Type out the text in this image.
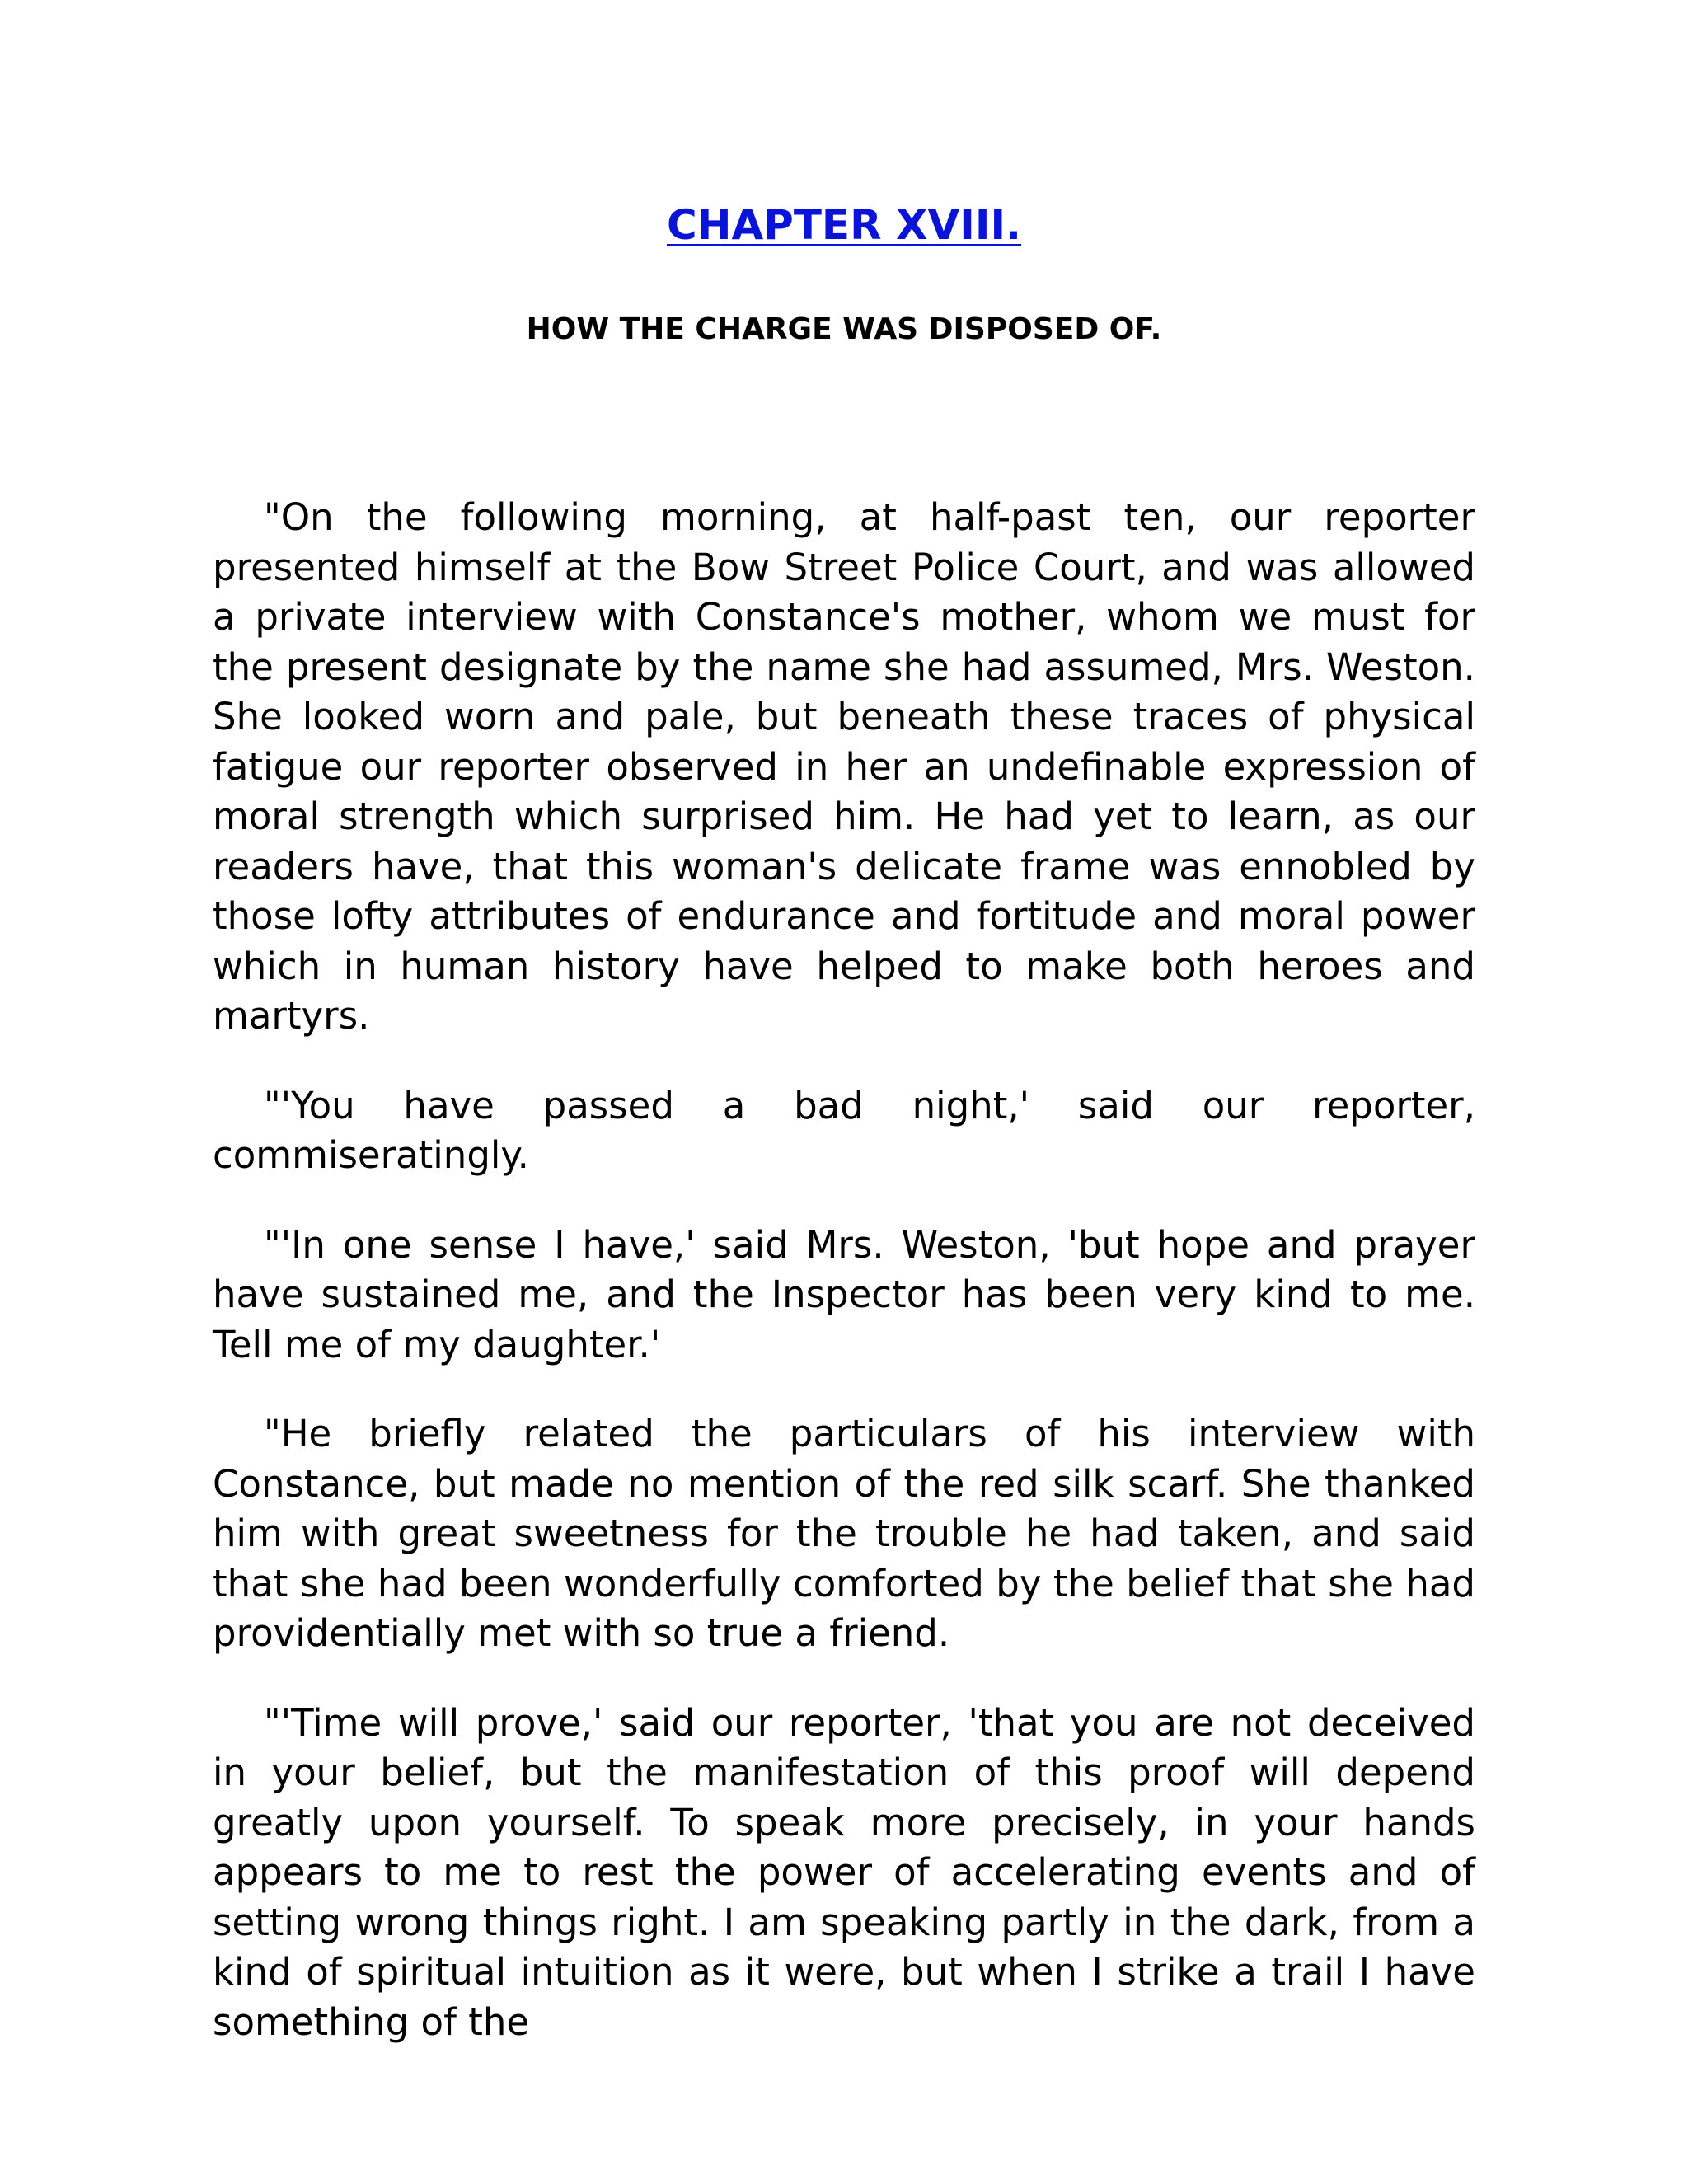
CHAPTER XVIII.
HOW THE CHARGE WAS DISPOSED OF.

"On the following morning, at half-past ten, our reporter presented himself at the Bow Street Police Court, and was allowed a private interview with Constance's mother, whom we must for the present designate by the name she had assumed, Mrs. Weston. She looked worn and pale, but beneath these traces of physical fatigue our reporter observed in her an undefinable expression of moral strength which surprised him. He had yet to learn, as our readers have, that this woman's delicate frame was ennobled by those lofty attributes of endurance and fortitude and moral power which in human history have helped to make both heroes and martyrs.

"'You have passed a bad night,' said our reporter, commiseratingly.

"'In one sense I have,' said Mrs. Weston, 'but hope and prayer have sustained me, and the Inspector has been very kind to me. Tell me of my daughter.'

"He briefly related the particulars of his interview with Constance, but made no mention of the red silk scarf. She thanked him with great sweetness for the trouble he had taken, and said that she had been wonderfully comforted by the belief that she had providentially met with so true a friend.

"'Time will prove,' said our reporter, 'that you are not deceived in your belief, but the manifestation of this proof will depend greatly upon yourself. To speak more precisely, in your hands appears to me to rest the power of accelerating events and of setting wrong things right. I am speaking partly in the dark, from a kind of spiritual intuition as it were, but when I strike a trail I have something of the
